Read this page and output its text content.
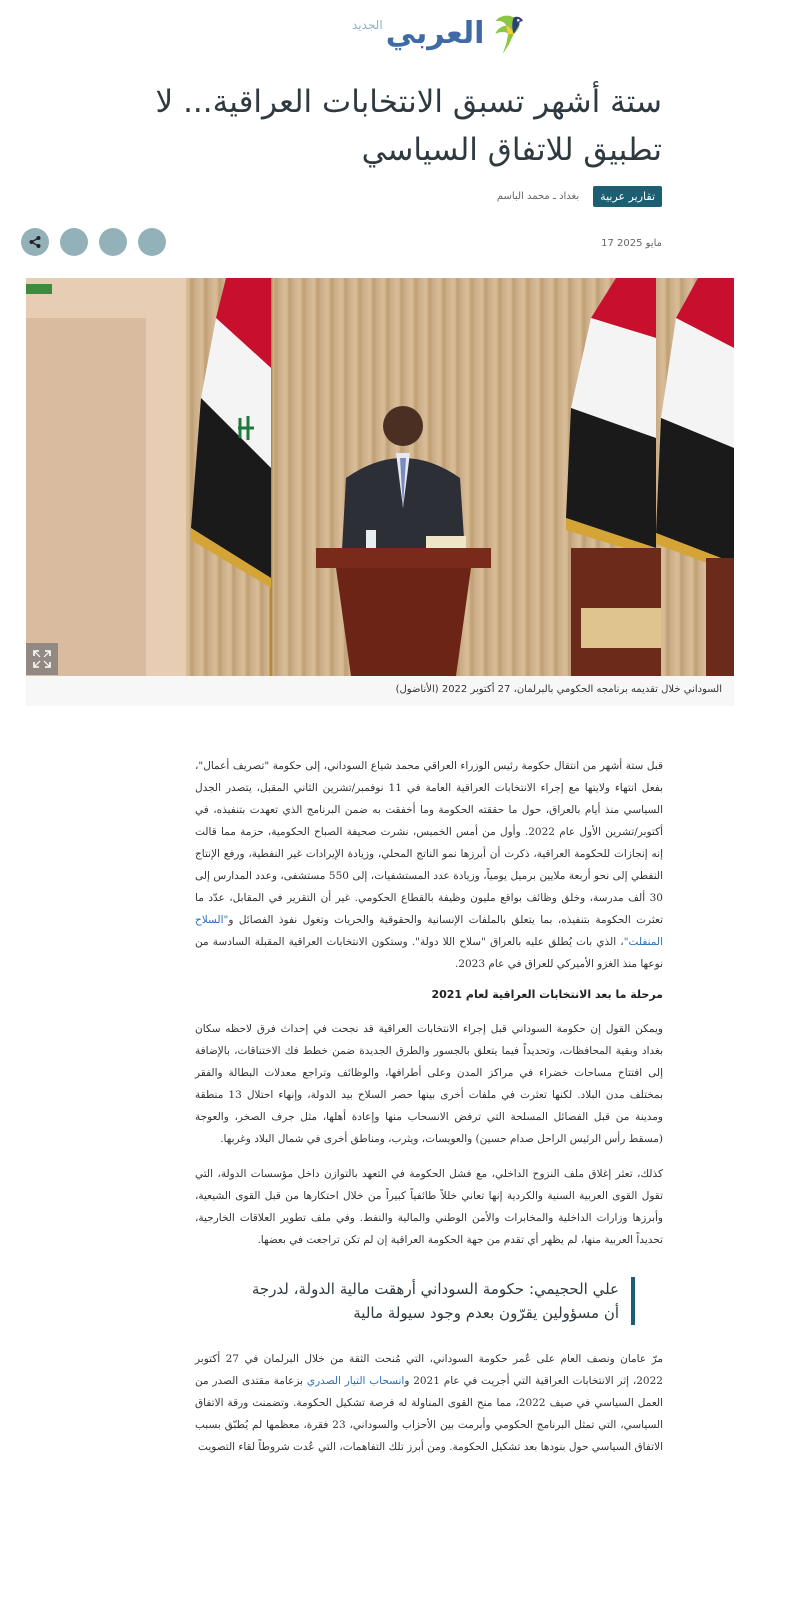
العربي
الجديد
ستة أشهر تسبق الانتخابات العراقية... لا تطبيق للاتفاق السياسي
تقارير عربية
بغداد ـ محمد الباسم
17 مايو 2025
السوداني خلال تقديمه برنامجه الحكومي بالبرلمان، 27 أكتوبر 2022 (الأناضول)

قبل ستة أشهر من انتقال حكومة رئيس الوزراء العراقي محمد شياع السوداني، إلى حكومة "تصريف أعمال"، بفعل انتهاء ولايتها مع إجراء الانتخابات العراقية العامة في 11 نوفمبر/تشرين الثاني المقبل، يتصدر الجدل السياسي منذ أيام بالعراق، حول ما حققته الحكومة وما أخفقت به ضمن البرنامج الذي تعهدت بتنفيذه، في أكتوبر/تشرين الأول عام 2022. وأول من أمس الخميس، نشرت صحيفة الصباح الحكومية، حزمة مما قالت إنه إنجازات للحكومة العراقية، ذكرت أن أبرزها نمو الناتج المحلي، وزيادة الإيرادات غير النفطية، ورفع الإنتاج النفطي إلى نحو أربعة ملايين برميل يومياً، وزيادة عدد المستشفيات، إلى 550 مستشفى، وعدد المدارس إلى 30 ألف مدرسة، وخلق وظائف بواقع مليون وظيفة بالقطاع الحكومي. غير أن التقرير في المقابل، عدّد ما تعثرت الحكومة بتنفيذه، بما يتعلق بالملفات الإنسانية والحقوقية والحريات وتغول نفوذ الفصائل و"السلاح المنفلت"، الذي بات يُطلق عليه بالعراق "سلاح اللا دولة". وستكون الانتخابات العراقية المقبلة السادسة من نوعها منذ الغزو الأميركي للعراق في عام 2023.

مرحلة ما بعد الانتخابات العراقية لعام 2021

ويمكن القول إن حكومة السوداني قبل إجراء الانتخابات العراقية قد نجحت في إحداث فرق لاحظه سكان بغداد وبقية المحافظات، وتحديداً فيما يتعلق بالجسور والطرق الجديدة ضمن خطط فك الاختناقات، بالإضافة إلى افتتاح مساحات خضراء في مراكز المدن وعلى أطرافها، والوظائف وتراجع معدلات البطالة والفقر بمختلف مدن البلاد. لكنها تعثرت في ملفات أخرى بينها حصر السلاح بيد الدولة، وإنهاء احتلال 13 منطقة ومدينة من قبل الفصائل المسلحة التي ترفض الانسحاب منها وإعادة أهلها، مثل جرف الصخر، والعوجة (مسقط رأس الرئيس الراحل صدام حسين) والعويسات، ويثرب، ومناطق أخرى في شمال البلاد وغربها.

كذلك، تعثر إغلاق ملف النزوح الداخلي، مع فشل الحكومة في التعهد بالتوازن داخل مؤسسات الدولة، التي تقول القوى العربية السنية والكردية إنها تعاني خللاً طائفياً كبيراً من خلال احتكارها من قبل القوى الشيعية، وأبرزها وزارات الداخلية والمخابرات والأمن الوطني والمالية والنفط. وفي ملف تطوير العلاقات الخارجية، تحديداً العربية منها، لم يظهر أي تقدم من جهة الحكومة العراقية إن لم تكن تراجعت في بعضها.

علي الحجيمي: حكومة السوداني أرهقت مالية الدولة، لدرجة أن مسؤولين يقرّون بعدم وجود سيولة مالية

مرّ عامان ونصف العام على عُمر حكومة السوداني، التي مُنحت الثقة من خلال البرلمان في 27 أكتوبر 2022، إثر الانتخابات العراقية التي أجريت في عام 2021 وانسحاب التيار الصدري بزعامة مقتدى الصدر من العمل السياسي في صيف 2022، مما منح القوى المناولة له فرصة تشكيل الحكومة. وتضمنت ورقة الاتفاق السياسي، التي تمثل البرنامج الحكومي وأبرمت بين الأحزاب والسوداني، 23 فقرة، معظمها لم يُطبّق بسبب الاتفاق السياسي حول بنودها بعد تشكيل الحكومة. ومن أبرز تلك التفاهمات، التي عُدت شروطاً لقاء التصويت
